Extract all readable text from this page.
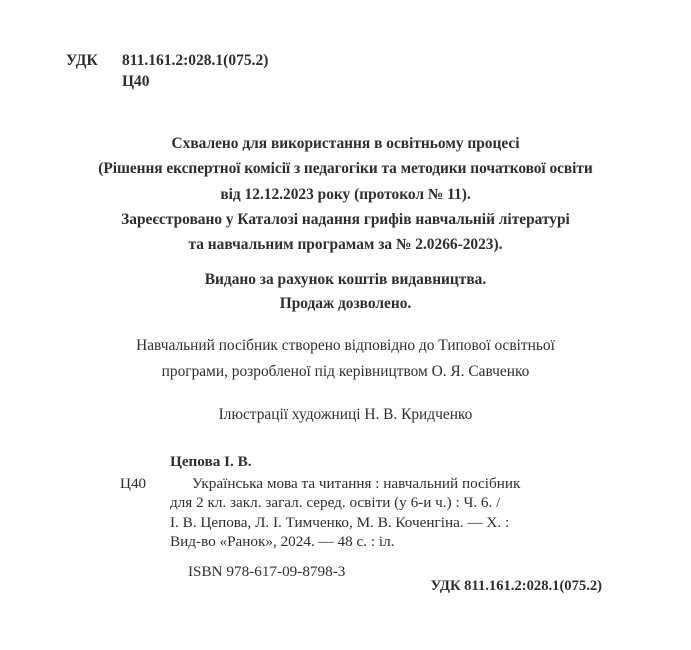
УДК 811.161.2:028.1(075.2)
Ц40
Схвалено для використання в освітньому процесі
(Рішення експертної комісії з педагогіки та методики початкової освіти
від 12.12.2023 року (протокол № 11).
Зареєстровано у Каталозі надання грифів навчальній літературі
та навчальним програмам за № 2.0266-2023).
Видано за рахунок коштів видавництва.
Продаж дозволено.
Навчальний посібник створено відповідно до Типової освітньої
програми, розробленої під керівництвом О. Я. Савченко
Ілюстрації художниці Н. В. Кридченко
Цепова І. В.
Ц40	Українська мова та читання : навчальний посібник
для 2 кл. закл. загал. серед. освіти (у 6-и ч.) : Ч. 6. /
І. В. Цепова, Л. І. Тимченко, М. В. Коченгіна. — Х. :
Вид-во «Ранок», 2024. — 48 с. : іл.
ISBN 978-617-09-8798-3
УДК 811.161.2:028.1(075.2)
